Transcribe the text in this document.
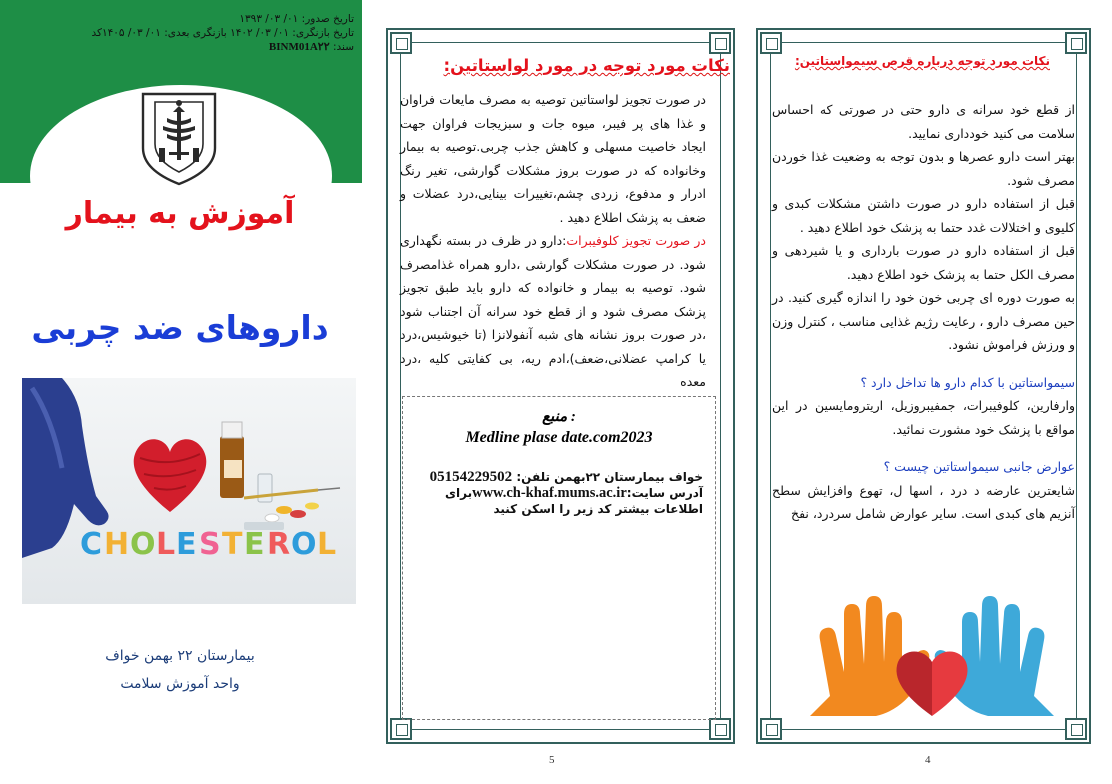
تاریخ صدور: ۰۱/ ۰۳/ ۱۳۹۳
تاریخ بازنگری: ۰۱/ ۰۳/ ۱۴۰۲ بازنگری بعدی: ۰۱/ ۰۳/ ۱۴۰۵کد
سند: BINM01A۲۲
آموزش به بیمار
داروهای ضد چربی
C H O L E S T E R O L
بیمارستان ۲۲ بهمن خواف
واحد آموزش سلامت
نکات مورد توجه در مورد لواستاتین:

در صورت تجویز لواستاتین توصیه به مصرف مایعات فراوان و غذا های پر فیبر، میوه جات و سبزیجات فراوان جهت ایجاد خاصیت مسهلی و کاهش جذب چربی.توصیه به بیمار وخانواده که در صورت بروز مشکلات گوارشی، تغیر رنگ ادرار و مدفوع، زردی چشم،تغییرات بینایی،درد عضلات و ضعف به پزشک اطلاع دهید .

در صورت تجویز کلوفیبرات:دارو در ظرف در بسته نگهداری شود. در صورت مشکلات گوارشی ،دارو همراه غذامصرف شود. توصیه به بیمار و خانواده که دارو باید طبق تجویز پزشک مصرف شود و از قطع خود سرانه آن اجتناب شود ،در صورت بروز نشانه های شبه آنفولانزا (تا خیوشیس،درد یا کرامپ عضلانی،ضعف)،ادم ریه، بی کفایتی کلیه ،درد معده

منبع :
Medline plase date.com2023
خواف بیمارستان ۲۲بهمن تلفن: 05154229502
آدرس سایت:www.ch-khaf.mums.ac.irبرای
اطلاعات بیشتر کد زیر را اسکن کنید
5
نکات مورد توجه درباره قرص سیمواستاتین:

از قطع خود سرانه ی دارو حتی در صورتی که احساس سلامت می کنید خودداری نمایید.

بهتر است دارو عصرها و بدون توجه به وضعیت غذا خوردن مصرف شود.

قبل از استفاده دارو در صورت داشتن مشکلات کبدی و کلیوی و اختلالات غدد حتما به پزشک خود اطلاع دهید .

قبل از استفاده دارو در صورت بارداری و یا شیردهی و مصرف الکل حتما به پزشک خود اطلاع دهید.

به صورت دوره ای چربی خون خود را اندازه گیری کنید. در حین مصرف دارو ، رعایت رژیم غذایی مناسب ، کنترل وزن و ورزش فراموش نشود.

سیمواستاتین با کدام دارو ها تداخل دارد ؟

وارفارین، کلوفیبرات، جمفیبروزیل، اریترومایسین در این مواقع با پزشک خود مشورت نمائید.

عوارض جانبی سیمواستاتین چیست ؟

شایعترین عارضه د درد ، اسها ل، تهوع وافزایش سطح آنزیم های کبدی است. سایر عوارض شامل سردرد، نفخ

4
